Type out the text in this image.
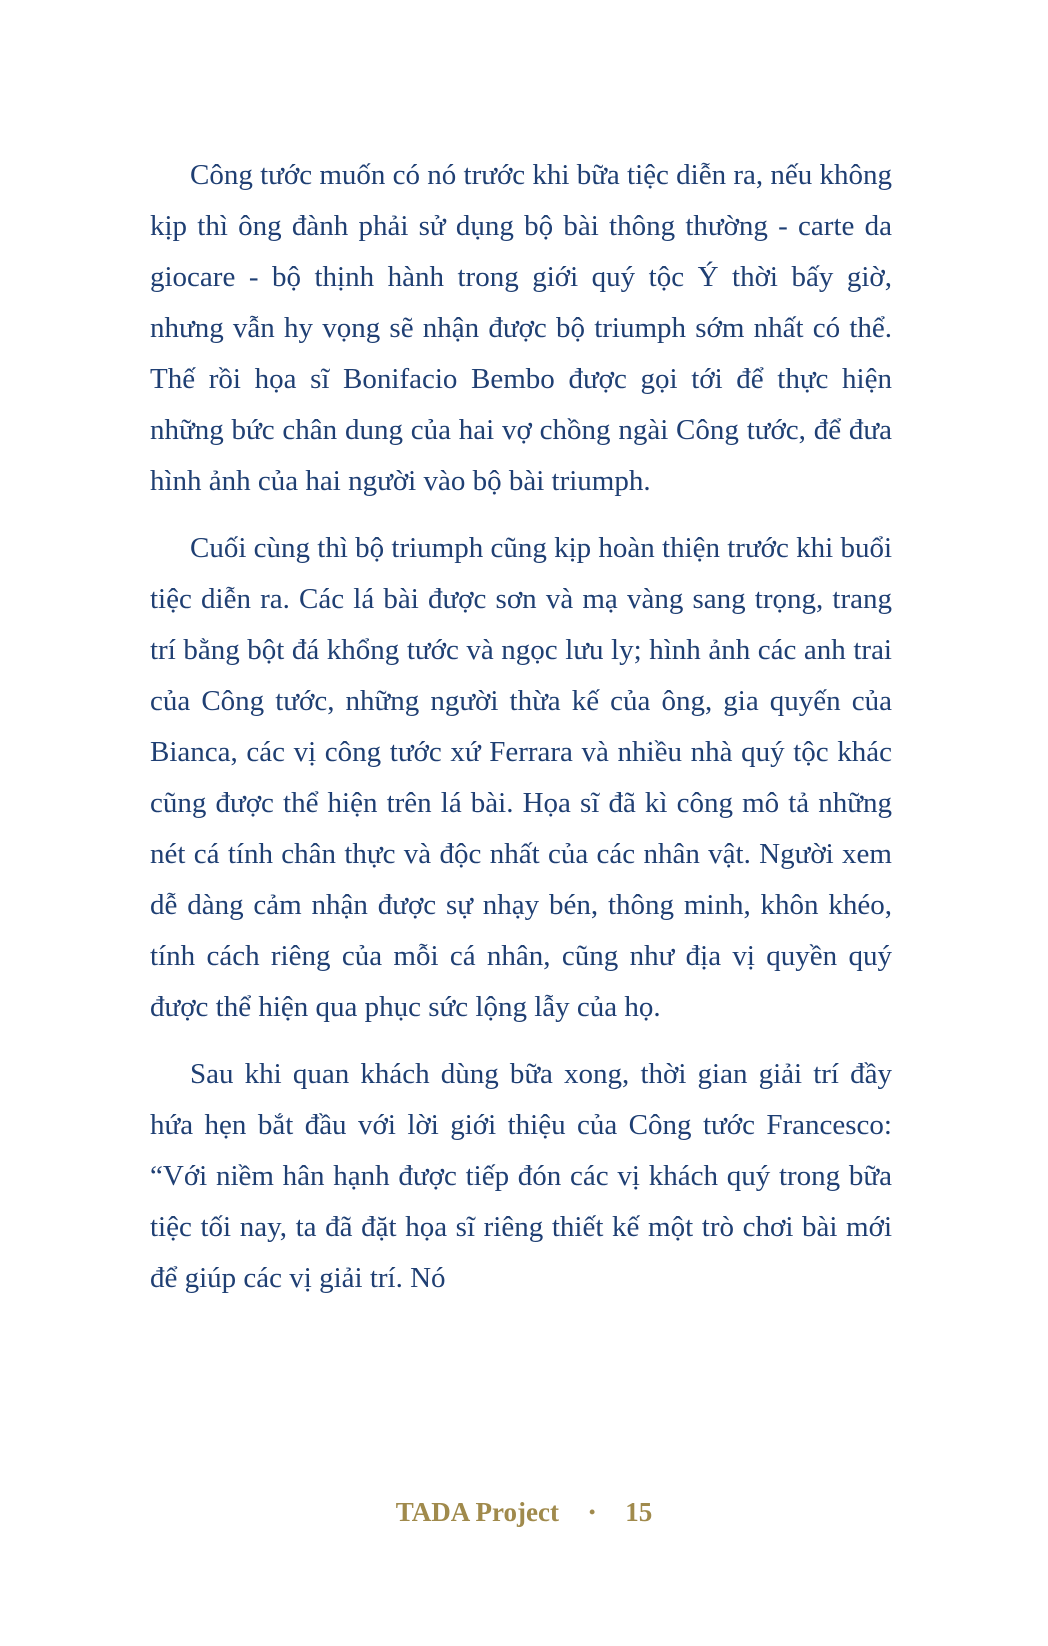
Công tước muốn có nó trước khi bữa tiệc diễn ra, nếu không kịp thì ông đành phải sử dụng bộ bài thông thường - carte da giocare - bộ thịnh hành trong giới quý tộc Ý thời bấy giờ, nhưng vẫn hy vọng sẽ nhận được bộ triumph sớm nhất có thể. Thế rồi họa sĩ Bonifacio Bembo được gọi tới để thực hiện những bức chân dung của hai vợ chồng ngài Công tước, để đưa hình ảnh của hai người vào bộ bài triumph.

Cuối cùng thì bộ triumph cũng kịp hoàn thiện trước khi buổi tiệc diễn ra. Các lá bài được sơn và mạ vàng sang trọng, trang trí bằng bột đá khổng tước và ngọc lưu ly; hình ảnh các anh trai của Công tước, những người thừa kế của ông, gia quyến của Bianca, các vị công tước xứ Ferrara và nhiều nhà quý tộc khác cũng được thể hiện trên lá bài. Họa sĩ đã kì công mô tả những nét cá tính chân thực và độc nhất của các nhân vật. Người xem dễ dàng cảm nhận được sự nhạy bén, thông minh, khôn khéo, tính cách riêng của mỗi cá nhân, cũng như địa vị quyền quý được thể hiện qua phục sức lộng lẫy của họ.

Sau khi quan khách dùng bữa xong, thời gian giải trí đầy hứa hẹn bắt đầu với lời giới thiệu của Công tước Francesco: “Với niềm hân hạnh được tiếp đón các vị khách quý trong bữa tiệc tối nay, ta đã đặt họa sĩ riêng thiết kế một trò chơi bài mới để giúp các vị giải trí. Nó

TADA Project • 15
